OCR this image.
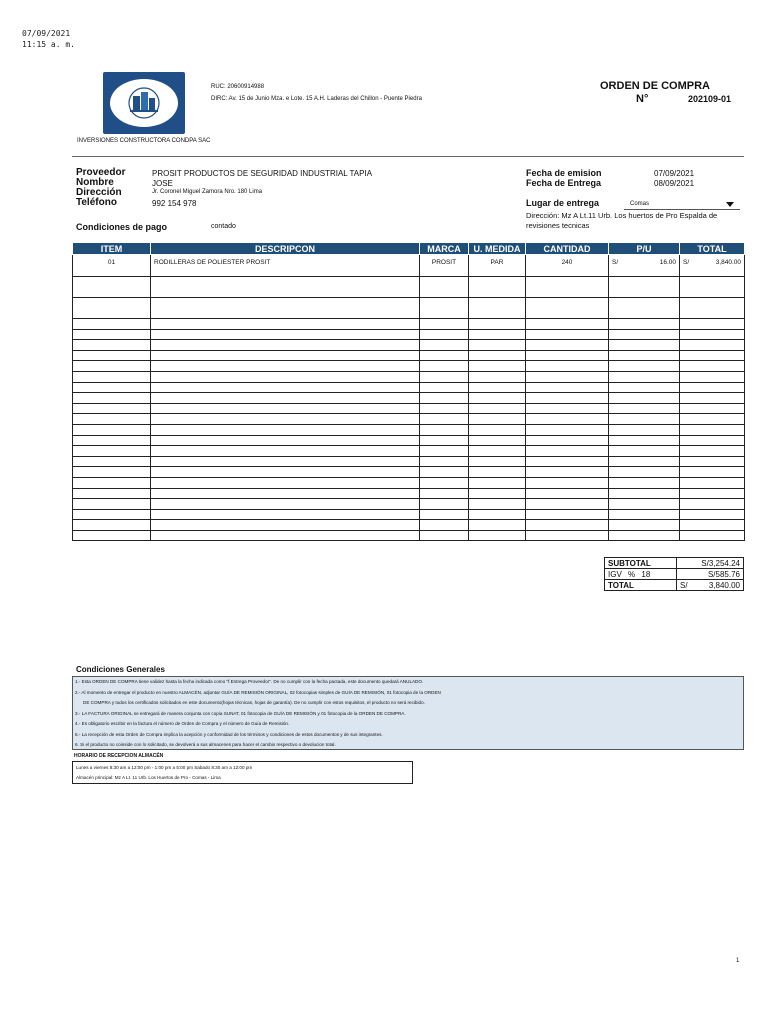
07/09/2021
11:15 a. m.
RUC: 20600914988
DIRC: Av. 15 de Junio Mza. e Lote. 15 A.H. Laderas del Chillon - Puente Piedra
INVERSIONES CONSTRUCTORA CONDPA SAC
ORDEN DE COMPRA
N°	202109-01
Proveedor	PROSIT PRODUCTOS DE SEGURIDAD INDUSTRIAL TAPIA
Nombre	JOSE
Dirección	Jr. Coronel Miguel Zamora Nro. 180 Lima
Teléfono	992 154 978
Condiciones de pago	contado
Fecha de emision	07/09/2021
Fecha de Entrega	08/09/2021
Lugar de entrega	Comas
Dirección: Mz A Lt.11 Urb. Los huertos de Pro Espalda de revisiones tecnicas
ITEM	DESCRIPCON	MARCA	U. MEDIDA	CANTIDAD	P/U	TOTAL
01	RODILLERAS DE POLIESTER PROSIT	PROSIT	PAR	240	S/ 16.00	S/ 3,840.00

SUBTOTAL	S/3,254.24
IGV % 18	S/585.76
TOTAL	S/ 3,840.00
Condiciones Generales
1.- Esta ORDEN DE COMPRA tiene validez hasta la fecha indicada como "f.Entrega Proveedor". De no cumplir con la fecha pactada, este documento quedará ANULADO.
2.- Al momento de entregar el producto en nuestro ALMACÉN, adjuntar GUÍA DE REMISIÓN ORIGINAL, 02 fotocopias simples de GUÍA DE REMISIÓN, 01 fotocopia de la ORDEN
DE COMPRA y todos los certificados solicitados en este documento(hojas técnicas, hojas de garantía). De no cumplir con estos requisitos, el producto no será recibido.
3.- LA FACTURA ORIGINAL se entregará de manera conjunta con copia SUNAT, 01 fotocopia de GUÍA DE REMISIÓN y 01 fotocopia de la ORDEN DE COMPRA.
4.- Es obligatorio escribir en la factura el número de Orden de Compra y el número de Guía de Remisión.
5.- La recepción de esta Orden de Compra implica la acepción y conformidad de los términos y condiciones de estos documentos y de sus integrantes.
6. Si el producto no coinside con lo solicitado, se devolverá a sus almacenes para hacer el cambio respectivo o devolucion total.
HORARIO DE RECEPCION ALMACÉN
Lunes a viernes 8:30 am a 12:00 pm - 1:00 pm a 5:00 pm Sabado 8:30 am a 12:00 pm
Almacén principal: Mz A Lt. 11 Urb. Los Huertos de Pro - Comas - Lima
1
